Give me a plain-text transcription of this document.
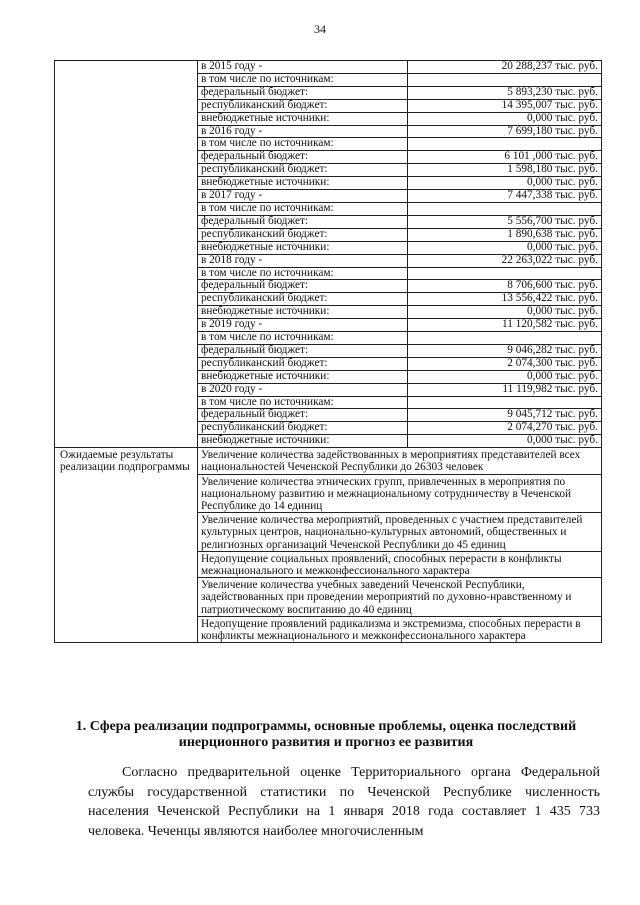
34

в 2015 году -	20 288,237 тыс. руб.
в том числе по источникам:	
федеральный бюджет:	5 893,230 тыс. руб.
республиканский бюджет:	14 395,007 тыс. руб.
внебюджетные источники:	0,000 тыс. руб.
в 2016 году -	7 699,180 тыс. руб.
в том числе по источникам:	
федеральный бюджет:	6 101 ,000 тыс. руб.
республиканский бюджет:	1 598,180 тыс. руб.
внебюджетные источники:	0,000 тыс. руб.
в 2017 году -	7 447,338 тыс. руб.
в том числе по источникам:	
федеральный бюджет:	5 556,700 тыс. руб.
республиканский бюджет:	1 890,638 тыс. руб.
внебюджетные источники:	0,000 тыс. руб.
в 2018 году -	22 263,022 тыс. руб.
в том числе по источникам:	
федеральный бюджет:	8 706,600 тыс. руб.
республиканский бюджет:	13 556,422 тыс. руб.
внебюджетные источники:	0,000 тыс. руб.
в 2019 году -	11 120,582 тыс. руб.
в том числе по источникам:	
федеральный бюджет:	9 046,282 тыс. руб.
республиканский бюджет:	2 074,300 тыс. руб.
внебюджетные источники:	0,000 тыс. руб.
в 2020 году -	11 119,982 тыс. руб.
в том числе по источникам:	
федеральный бюджет:	9 045,712 тыс. руб.
республиканский бюджет:	2 074,270 тыс. руб.
внебюджетные источники:	0,000 тыс. руб.

Ожидаемые результаты реализации подпрограммы	
Увеличение количества задействованных в мероприятиях представителей всех национальностей Чеченской Республики до 26303 человек
Увеличение количества этнических групп, привлеченных в мероприятия по национальному развитию и межнациональному сотрудничеству в Чеченской Республике до 14 единиц
Увеличение количества мероприятий, проведенных с участием представителей культурных центров, национально-культурных автономий, общественных и религиозных организаций Чеченской Республики до 45 единиц
Недопущение социальных проявлений, способных перерасти в конфликты межнационального и межконфессионального характера
Увеличение количества учебных заведений Чеченской Республики, задействованных при проведении мероприятий по духовно-нравственному и патриотическому воспитанию до 40 единиц
Недопущение проявлений радикализма и экстремизма, способных перерасти в конфликты межнационального и межконфессионального характера
1. Сфера реализации подпрограммы, основные проблемы, оценка последствий инерционного развития и прогноз ее развития
Согласно предварительной оценке Территориального органа Федеральной службы государственной статистики по Чеченской Республике численность населения Чеченской Республики на 1 января 2018 года составляет 1 435 733 человека. Чеченцы являются наиболее многочисленным
